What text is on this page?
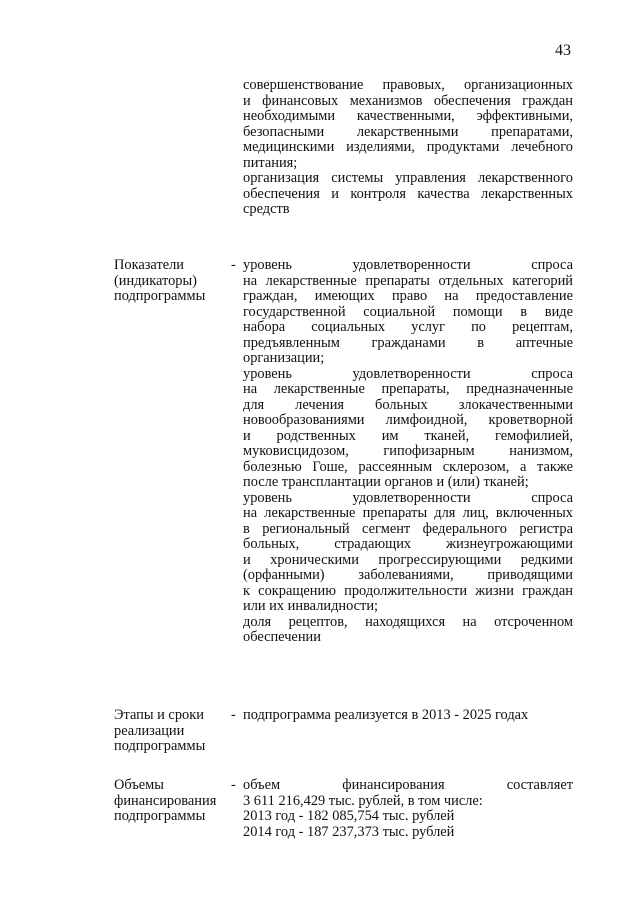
43
совершенствование правовых, организационных
и финансовых механизмов обеспечения граждан
необходимыми качественными, эффективными,
безопасными лекарственными препаратами,
медицинскими изделиями, продуктами лечебного
питания;
организация системы управления лекарственного
обеспечения и контроля качества лекарственных
средств
Показатели
(индикаторы)
подпрограммы
- уровень удовлетворенности спроса
на лекарственные препараты отдельных категорий
граждан, имеющих право на предоставление
государственной социальной помощи в виде
набора социальных услуг по рецептам,
предъявленным гражданами в аптечные
организации;
уровень удовлетворенности спроса
на лекарственные препараты, предназначенные
для лечения больных злокачественными
новообразованиями лимфоидной, кроветворной
и родственных им тканей, гемофилией,
муковисцидозом, гипофизарным нанизмом,
болезнью Гоше, рассеянным склерозом, а также
после трансплантации органов и (или) тканей;
уровень удовлетворенности спроса
на лекарственные препараты для лиц, включенных
в региональный сегмент федерального регистра
больных, страдающих жизнеугрожающими
и хроническими прогрессирующими редкими
(орфанными) заболеваниями, приводящими
к сокращению продолжительности жизни граждан
или их инвалидности;
доля рецептов, находящихся на отсроченном
обеспечении
Этапы и сроки
реализации
подпрограммы
- подпрограмма реализуется в 2013 - 2025 годах
Объемы
финансирования
подпрограммы
- объем финансирования составляет
3 611 216,429 тыс. рублей, в том числе:
2013 год - 182 085,754 тыс. рублей
2014 год - 187 237,373 тыс. рублей
